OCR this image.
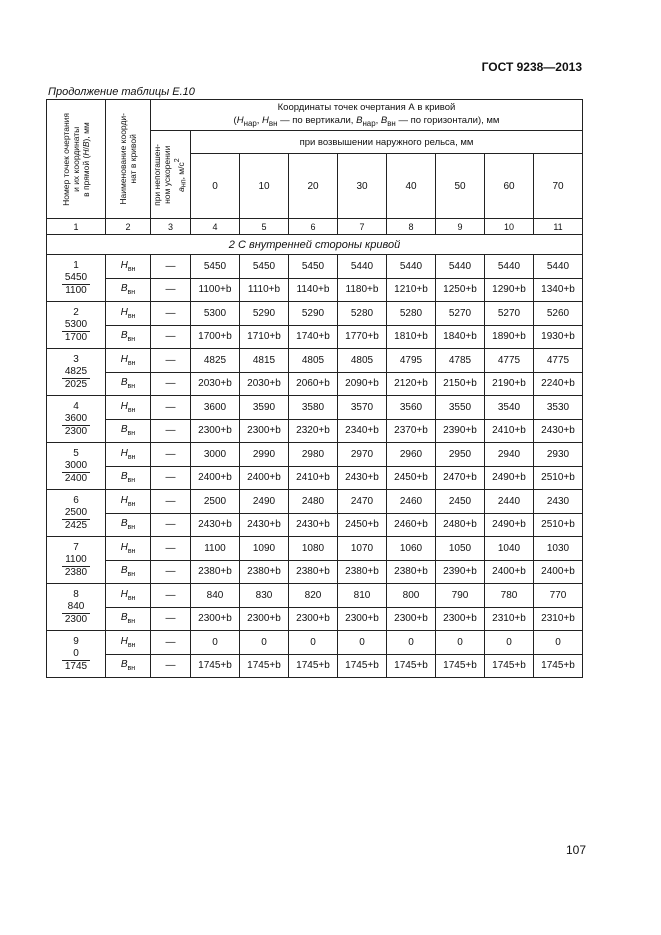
ГОСТ 9238—2013
Продолжение таблицы Е.10
Номер точек очертания
и их координаты
в прямой (H/B), мм	Наименование коорди-
нат в кривой	Координаты точек очертания А в кривой
($H_{нар}$, $H_{вн}$ — по вертикали, $B_{нар}$, $B_{вн}$ — по горизонтали), мм								

		при непогашен-
ном ускорении $a_{нп}$, $м/с^2$	при возвышении наружного рельса, мм							
			0	10	20	30	40	50	60	70
1	2	3	4	5	6	7	8	9	10	11
2 С внутренней стороны кривой										

1
5450
1100	$H_{вн}$	—	5450	5450	5450	5440	5440	5440	5440	5440
	$B_{вн}$	—	1100+b	1110+b	1140+b	1180+b	1210+b	1250+b	1290+b	1340+b

2
5300
1700	$H_{вн}$	—	5300	5290	5290	5280	5280	5270	5270	5260
	$B_{вн}$	—	1700+b	1710+b	1740+b	1770+b	1810+b	1840+b	1890+b	1930+b

3
4825
2025	$H_{вн}$	—	4825	4815	4805	4805	4795	4785	4775	4775
	$B_{вн}$	—	2030+b	2030+b	2060+b	2090+b	2120+b	2150+b	2190+b	2240+b

4
3600
2300	$H_{вн}$	—	3600	3590	3580	3570	3560	3550	3540	3530
	$B_{вн}$	—	2300+b	2300+b	2320+b	2340+b	2370+b	2390+b	2410+b	2430+b

5
3000
2400	$H_{вн}$	—	3000	2990	2980	2970	2960	2950	2940	2930
	$B_{вн}$	—	2400+b	2400+b	2410+b	2430+b	2450+b	2470+b	2490+b	2510+b

6
2500
2425	$H_{вн}$	—	2500	2490	2480	2470	2460	2450	2440	2430
	$B_{вн}$	—	2430+b	2430+b	2430+b	2450+b	2460+b	2480+b	2490+b	2510+b

7
1100
2380	$H_{вн}$	—	1100	1090	1080	1070	1060	1050	1040	1030
	$B_{вн}$	—	2380+b	2380+b	2380+b	2380+b	2380+b	2390+b	2400+b	2400+b

8
840
2300	$H_{вн}$	—	840	830	820	810	800	790	780	770
	$B_{вн}$	—	2300+b	2300+b	2300+b	2300+b	2300+b	2300+b	2310+b	2310+b

9
0
1745	$H_{вн}$	—	0	0	0	0	0	0	0	0
	$B_{вн}$	—	1745+b	1745+b	1745+b	1745+b	1745+b	1745+b	1745+b	1745+b
107
